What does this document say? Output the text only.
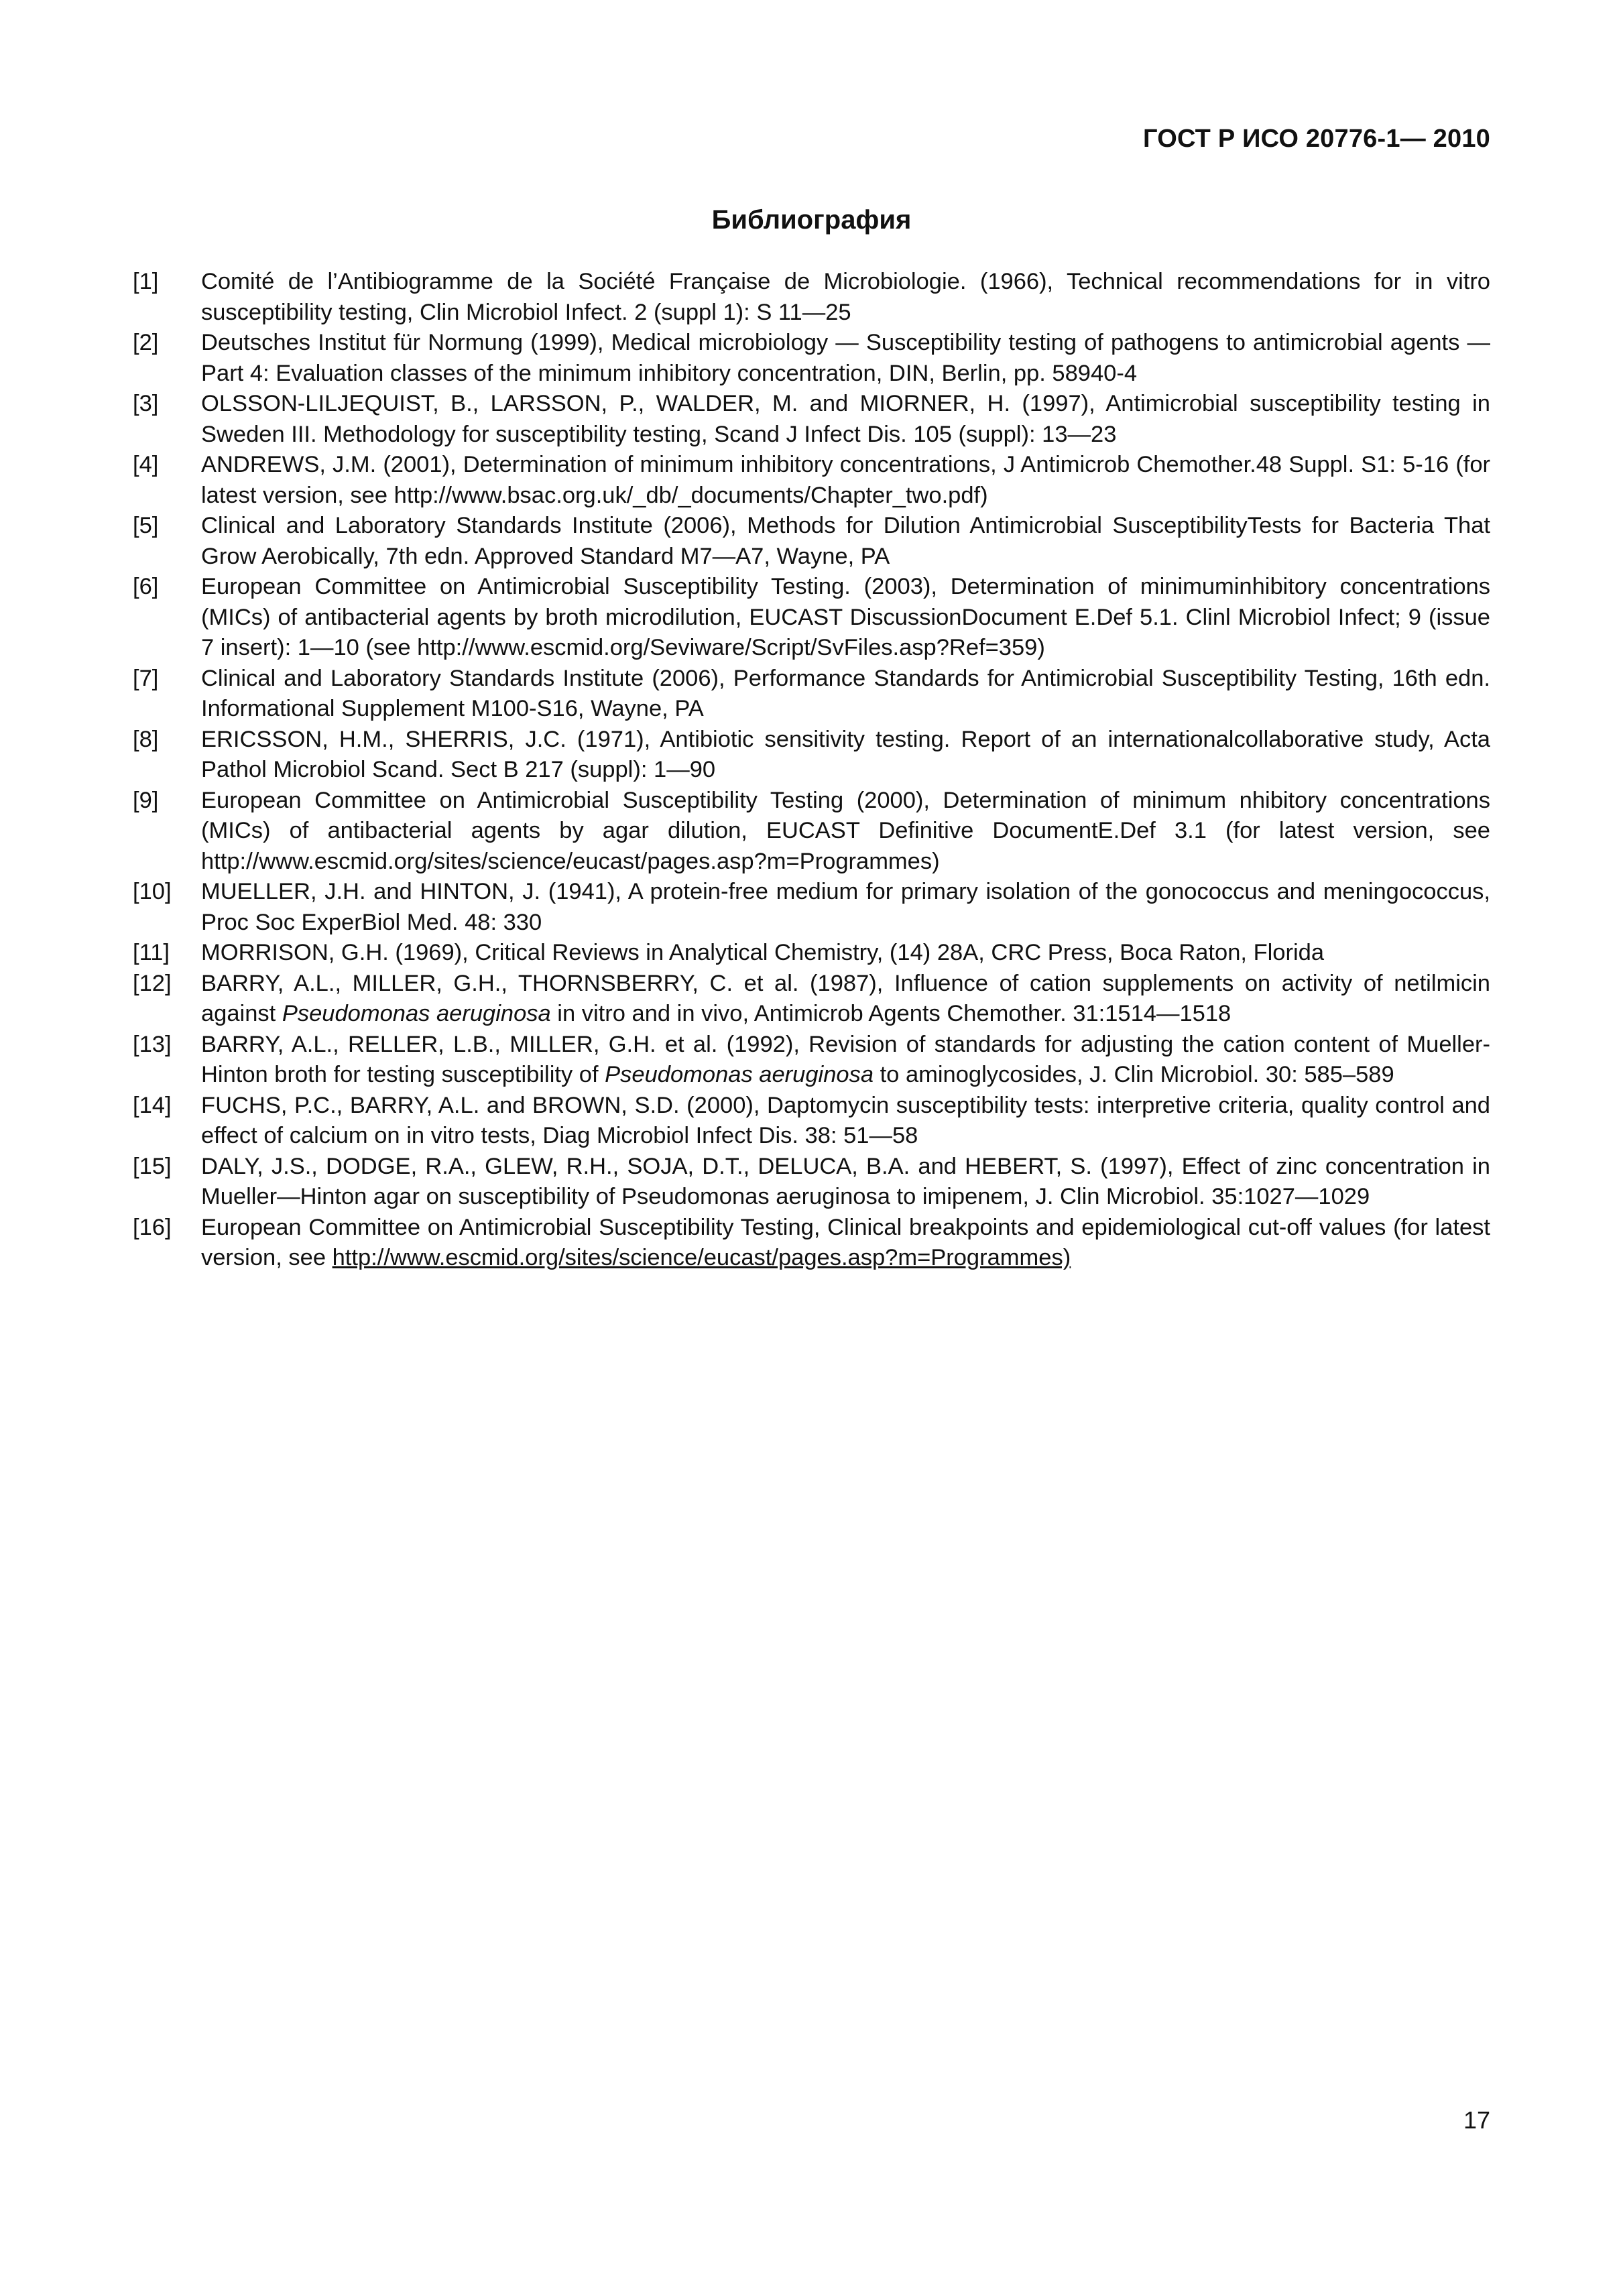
ГОСТ Р ИСО 20776-1— 2010
Библиография
[1]	Comité de l’Antibiogramme de la Société Française de Microbiologie. (1966), Technical recommendations for in vitro susceptibility testing, Clin Microbiol Infect. 2 (suppl 1): S 11—25
[2]	Deutsches Institut für Normung (1999), Medical microbiology — Susceptibility testing of pathogens to antimicrobial agents — Part 4: Evaluation classes of the minimum inhibitory concentration, DIN, Berlin, pp. 58940-4
[3]	OLSSON-LILJEQUIST, B., LARSSON, P., WALDER, M. and MIORNER, H. (1997), Antimicrobial susceptibility testing in Sweden III. Methodology for susceptibility testing, Scand J Infect Dis. 105 (suppl): 13—23
[4]	ANDREWS, J.M. (2001), Determination of minimum inhibitory concentrations, J Antimicrob Chemother.48 Suppl. S1: 5-16 (for latest version, see http://www.bsac.org.uk/_db/_documents/Chapter_two.pdf)
[5]	Clinical and Laboratory Standards Institute (2006), Methods for Dilution Antimicrobial SusceptibilityTests for Bacteria That Grow Aerobically, 7th edn. Approved Standard M7—A7, Wayne, PA
[6]	European Committee on Antimicrobial Susceptibility Testing. (2003), Determination of minimuminhibitory concentrations (MICs) of antibacterial agents by broth microdilution, EUCAST DiscussionDocument E.Def 5.1. Clinl Microbiol Infect; 9 (issue 7 insert): 1—10 (see http://www.escmid.org/Seviware/Script/SvFiles.asp?Ref=359)
[7]	Clinical and Laboratory Standards Institute (2006), Performance Standards for Antimicrobial Susceptibility Testing, 16th edn. Informational Supplement M100-S16, Wayne, PA
[8]	ERICSSON, H.M., SHERRIS, J.C. (1971), Antibiotic sensitivity testing. Report of an internationalcollaborative study, Acta Pathol Microbiol Scand. Sect B 217 (suppl): 1—90
[9]	European Committee on Antimicrobial Susceptibility Testing (2000), Determination of minimum nhibitory concentrations (MICs) of antibacterial agents by agar dilution, EUCAST Definitive DocumentE.Def 3.1 (for latest version, see http://www.escmid.org/sites/science/eucast/pages.asp?m=Programmes)
[10]	MUELLER, J.H. and HINTON, J. (1941), A protein-free medium for primary isolation of the gonococcus and meningococcus, Proc Soc ExperBiol Med. 48: 330
[11]	MORRISON, G.H. (1969), Critical Reviews in Analytical Chemistry, (14) 28A, CRC Press, Boca Raton, Florida
[12]	BARRY, A.L., MILLER, G.H., THORNSBERRY, C. et al. (1987), Influence of cation supplements on activity of netilmicin against Pseudomonas aeruginosa in vitro and in vivo, Antimicrob Agents Chemother. 31:1514—1518
[13]	BARRY, A.L., RELLER, L.B., MILLER, G.H. et al. (1992), Revision of standards for adjusting the cation content of Mueller-Hinton broth for testing susceptibility of Pseudomonas aeruginosa to aminoglycosides, J. Clin Microbiol. 30: 585–589
[14]	FUCHS, P.C., BARRY, A.L. and BROWN, S.D. (2000), Daptomycin susceptibility tests: interpretive criteria, quality control and effect of calcium on in vitro tests, Diag Microbiol Infect Dis. 38: 51—58
[15]	DALY, J.S., DODGE, R.A., GLEW, R.H., SOJA, D.T., DELUCA, B.A. and HEBERT, S. (1997), Effect of zinc concentration in Mueller—Hinton agar on susceptibility of Pseudomonas aeruginosa to imipenem, J. Clin Microbiol. 35:1027—1029
[16]	European Committee on Antimicrobial Susceptibility Testing, Clinical breakpoints and epidemiological cut-off values (for latest version, see http://www.escmid.org/sites/science/eucast/pages.asp?m=Programmes)
17
